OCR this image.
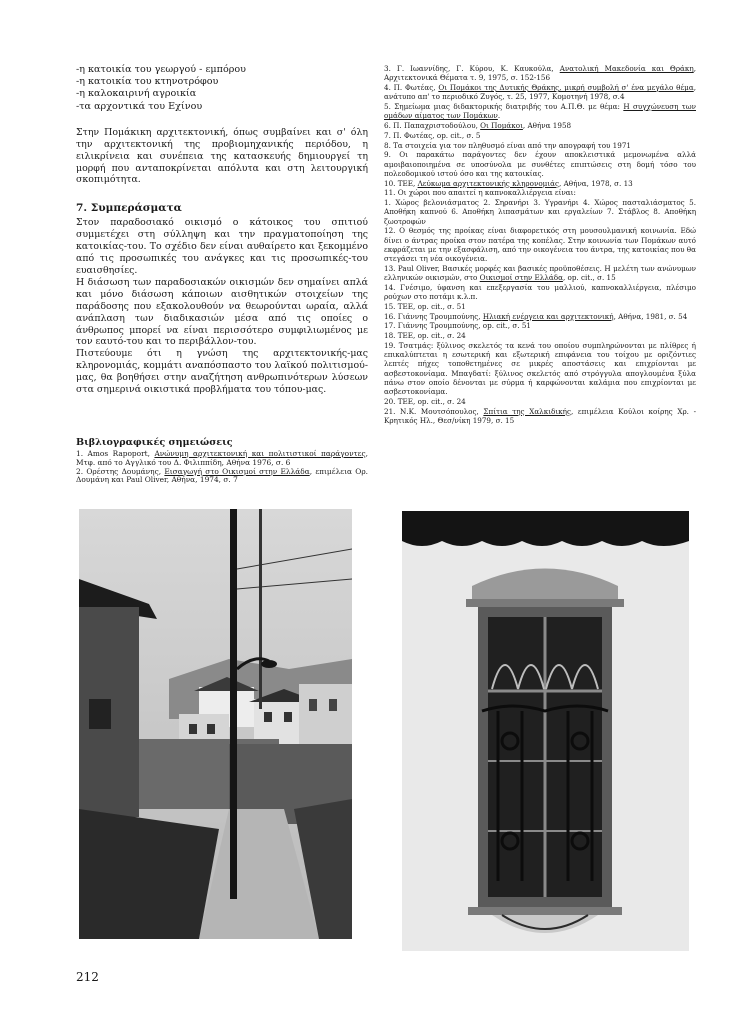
-η κατοικία του γεωργού - εμπόρου
-η κατοικία του κτηνοτρόφου
-η καλοκαιρινή αγροικία
-τα αρχοντικά του Εχίνου

Στην Πομάκικη αρχιτεκτονική, όπως συμβαίνει και σ' όλη την αρχιτεκτονική της προβιομηχανικής περιόδου, η ειλικρίνεια και συνέπεια της κατασκευής δημιουργεί τη μορφή που ανταποκρίνεται απόλυτα και στη λειτουργική σκοπιμότητα.

7. Συμπεράσματα

Στον παραδοσιακό οικισμό ο κάτοικος του σπιτιού συμμετέχει στη σύλληψη και την πραγματοποίηση της κατοικίας-του. Το σχέδιο δεν είναι αυθαίρετο και ξεκομμένο από τις προσωπικές του ανάγκες και τις προσωπικές-του ευαισθησίες.

Η διάσωση των παραδοσιακών οικισμών δεν σημαίνει απλά και μόνο διάσωση κάποιων αισθητικών στοιχείων της παράδοσης που εξακολουθούν να θεωρούνται ωραία, αλλά ανάπλαση των διαδικασιών μέσα από τις οποίες ο άνθρωπος μπορεί να είναι περισσότερο συμφιλιωμένος με τον εαυτό-του και το περιβάλλον-του.

Πιστεύουμε ότι η γνώση της αρχιτεκτονικής-μας κληρονομιάς, κομμάτι αναπόσπαστο του λαϊκού πολιτισμού-μας, θα βοηθήσει στην αναζήτηση ανθρωπινότερων λύσεων στα σημερινά οικιστικά προβλήματα του τόπου-μας.

Βιβλιογραφικές σημειώσεις

1. Amos Rapoport, Ανώνυμη αρχιτεκτονική και πολιτιστικοί παράγοντες, Μτφ. από το Αγγλικό του Δ. Φιλιππίδη, Αθήνα 1976, σ. 6

2. Ορέστης Δουμάνης, Εισαγωγή στο Οικισμοί στην Ελλάδα, επιμέλεια Ορ. Δουμάνη και Paul Oliver, Αθήνα, 1974, σ. 7

3. Γ. Ιωαννίδης, Γ. Κύρου, Κ. Καυκούλα, Ανατολική Μακεδονία και Θράκη, Αρχιτεκτονικά Θέματα τ. 9, 1975, σ. 152-156

4. Π. Φωτέας, Οι Πομάκοι της Δυτικής Θράκης, μικρή συμβολή σ' ένα μεγάλο θέμα, ανάτυπο απ' το περιοδικό Ζυγός, τ. 25, 1977, Κομοτηνή 1978, σ.4

5. Σημείωμα μιας διδακτορικής διατριβής του Α.Π.Θ. με θέμα: Η συγχώνευση των ομάδων αίματος των Πομάκων.

6. Π. Παπαχριστοδούλου, Οι Πομάκοι, Αθήνα 1958

7. Π. Φωτέας, op. cit., σ. 5

8. Τα στοιχεία για τον πληθυσμό είναι από την απογραφή του 1971

9. Οι παρακάτω παράγοντες δεν έχουν αποκλειστικά μεμονωμένα αλλά αμοιβαιοποιημένα σε υποσύνολα με συνθέτες επιπτώσεις στη δομή τόσο του πολεοδομικού ιστού όσο και της κατοικίας.

10. ΤΕΕ, Λεύκωμα αρχιτεκτονικής κληρονομιάς, Αθήνα, 1978, σ. 13

11. Οι χώροι που απαιτεί η καπνοκαλλιέργεια είναι:

1. Χώρος βελονιάσματος 2. Σηρανήρι 3. Υγρανήρι 4. Χώρος πασταλιάσματος 5. Αποθήκη καπνού 6. Αποθήκη λιπασμάτων και εργαλείων 7. Στάβλος 8. Αποθήκη ζωοτροφών

12. Ο θεσμός της προίκας είναι διαφορετικός στη μουσουλμανική κοινωνία. Εδώ δίνει ο άντρας προίκα στον πατέρα της κοπέλας. Στην κοινωνία των Πομάκων αυτό εκφράζεται με την εξασφάλιση, από την οικογένεια του άντρα, της κατοικίας που θα στεγάσει τη νέα οικογένεια.

13. Paul Oliver, Βασικές μορφές και βασικές προϋποθέσεις. Η μελέτη των ανώνυμων ελληνικών οικισμών, στο Οικισμοί στην Ελλάδα, op. cit., σ. 15

14. Γνέσιμο, ύφανση και επεξεργασία του μαλλιού, καπνοκαλλιέργεια, πλέσιμο ρούχων στο ποτάμι κ.λ.π.

15. ΤΕΕ, op. cit., σ. 51

16. Γιάννης Τρουμπούνης, Ηλιακή ενέργεια και αρχιτεκτονική, Αθήνα, 1981, σ. 54

17. Γιάννης Τρουμπούνης, op. cit., σ. 51

18. ΤΕΕ, op. cit., σ. 24

19. Τσατμάς: ξύλινος σκελετός τα κενά του οποίου συμπληρώνονται με πλίθρες ή επικαλύπτεται η εσωτερική και εξωτερική επιφάνεια του τοίχου με οριζόντιες λεπτές πήχες τοποθετημένες σε μικρές αποστάσεις και επιχρίονται με ασβεστοκονίαμα. Μπαγδατί: ξύλινος σκελετός από στρόγγυλα απογλουμένα ξύλα πάνω στον οποίο δένονται με σύρμα ή καρφώνονται καλάμια που επιχρίονται με ασβεστοκονίαμα.

20. ΤΕΕ, op. cit., σ. 24

21. Ν.Κ. Μουτσόπουλος, Σπίτια της Χαλκιδικής, επιμέλεια Κούλοι κοίρης Χρ. - Κρητικός Ηλ., Θεσ/νίκη 1979, σ. 15

212
